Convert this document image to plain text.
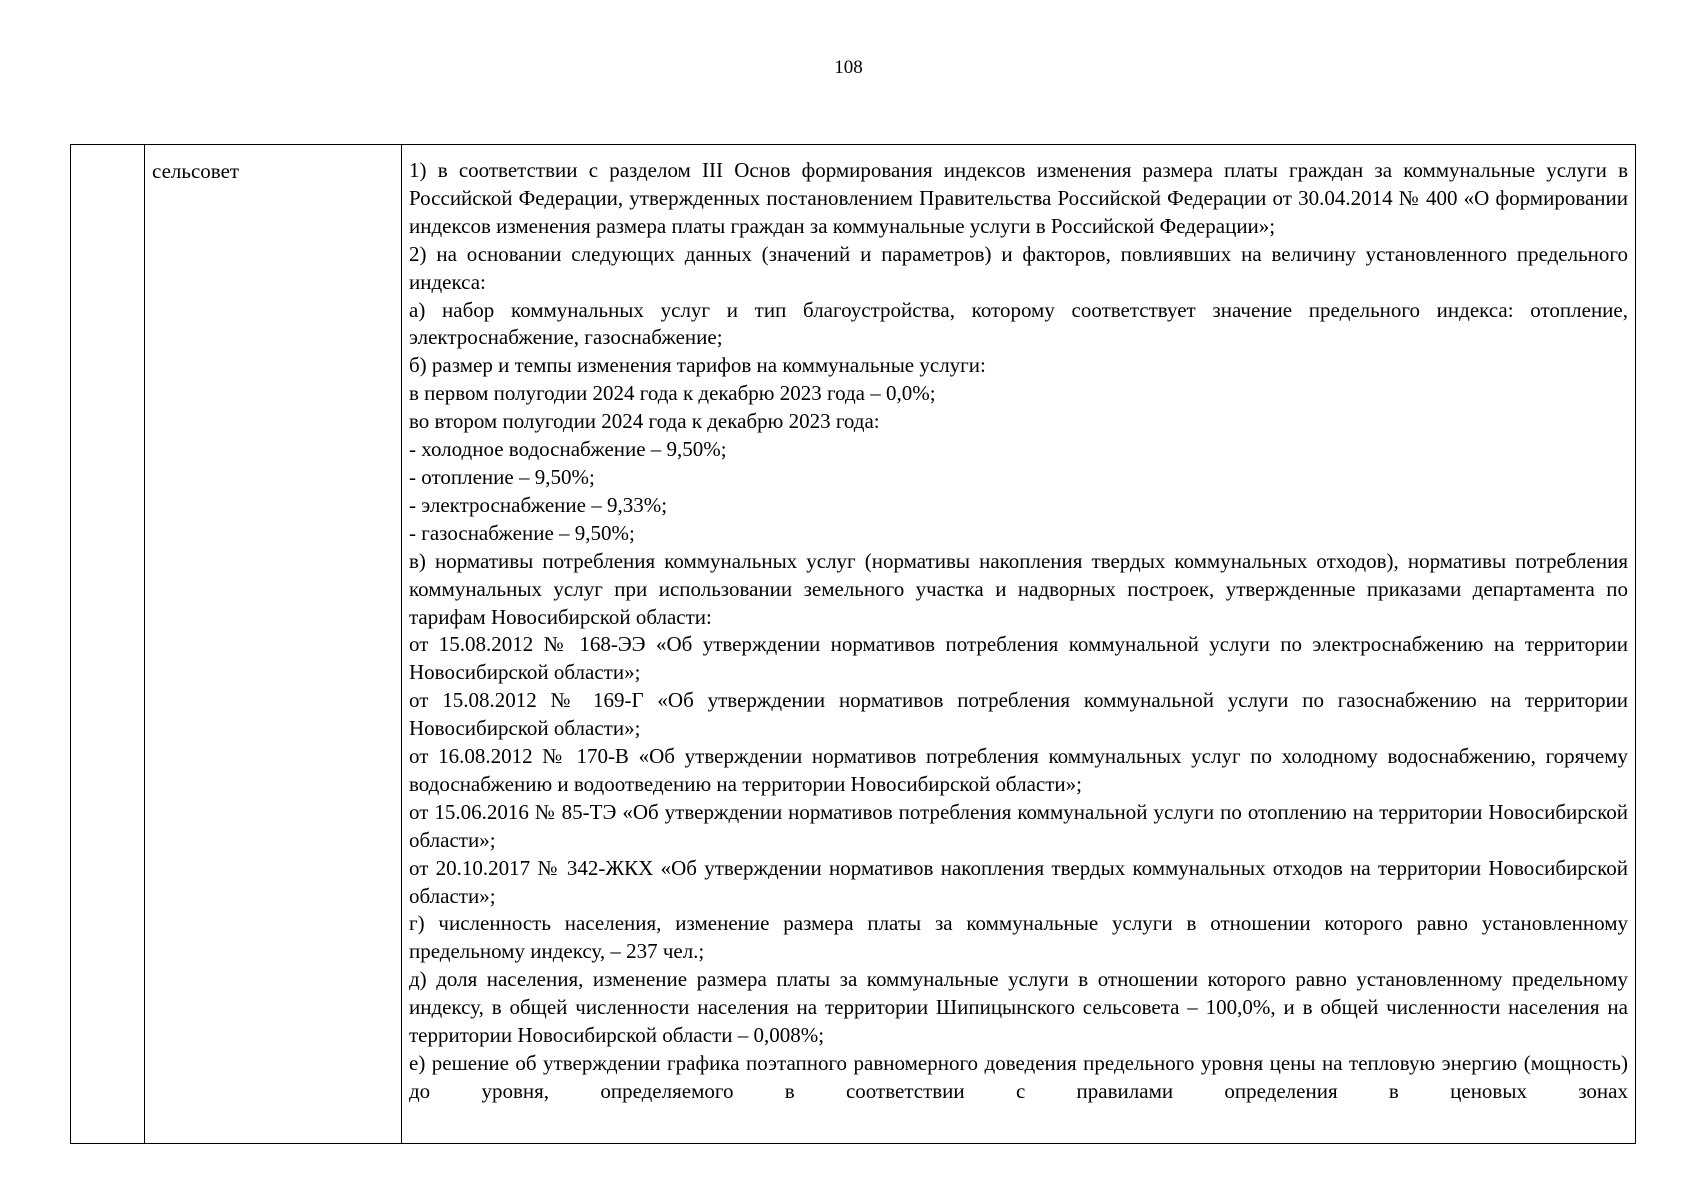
108
сельсовет	1) в соответствии с разделом III Основ формирования индексов изменения размера платы граждан за коммунальные услуги в Российской Федерации, утвержденных постановлением Правительства Российской Федерации от 30.04.2014 № 400 «О формировании индексов изменения размера платы граждан за коммунальные услуги в Российской Федерации»;

2) на основании следующих данных (значений и параметров) и факторов, повлиявших на величину установленного предельного индекса:

а) набор коммунальных услуг и тип благоустройства, которому соответствует значение предельного индекса: отопление, электроснабжение, газоснабжение;

б) размер и темпы изменения тарифов на коммунальные услуги:

в первом полугодии 2024 года к декабрю 2023 года – 0,0%;

во втором полугодии 2024 года к декабрю 2023 года:

- холодное водоснабжение – 9,50%;

- отопление – 9,50%;

- электроснабжение – 9,33%;

- газоснабжение – 9,50%;

в) нормативы потребления коммунальных услуг (нормативы накопления твердых коммунальных отходов), нормативы потребления коммунальных услуг при использовании земельного участка и надворных построек, утвержденные приказами департамента по тарифам Новосибирской области:

от 15.08.2012 № 168-ЭЭ «Об утверждении нормативов потребления коммунальной услуги по электроснабжению на территории Новосибирской области»;

от 15.08.2012 № 169-Г «Об утверждении нормативов потребления коммунальной услуги по газоснабжению на территории Новосибирской области»;

от 16.08.2012 № 170-В «Об утверждении нормативов потребления коммунальных услуг по холодному водоснабжению, горячему водоснабжению и водоотведению на территории Новосибирской области»;

от 15.06.2016 № 85-ТЭ «Об утверждении нормативов потребления коммунальной услуги по отоплению на территории Новосибирской области»;

от 20.10.2017 № 342-ЖКХ «Об утверждении нормативов накопления твердых коммунальных отходов на территории Новосибирской области»;

г) численность населения, изменение размера платы за коммунальные услуги в отношении которого равно установленному предельному индексу, – 237 чел.;

д) доля населения, изменение размера платы за коммунальные услуги в отношении которого равно установленному предельному индексу, в общей численности населения на территории Шипицынского сельсовета – 100,0%, и в общей численности населения на территории Новосибирской области – 0,008%;

е) решение об утверждении графика поэтапного равномерного доведения предельного уровня цены на тепловую энергию (мощность) до уровня, определяемого в соответствии с правилами определения в ценовых зонах
